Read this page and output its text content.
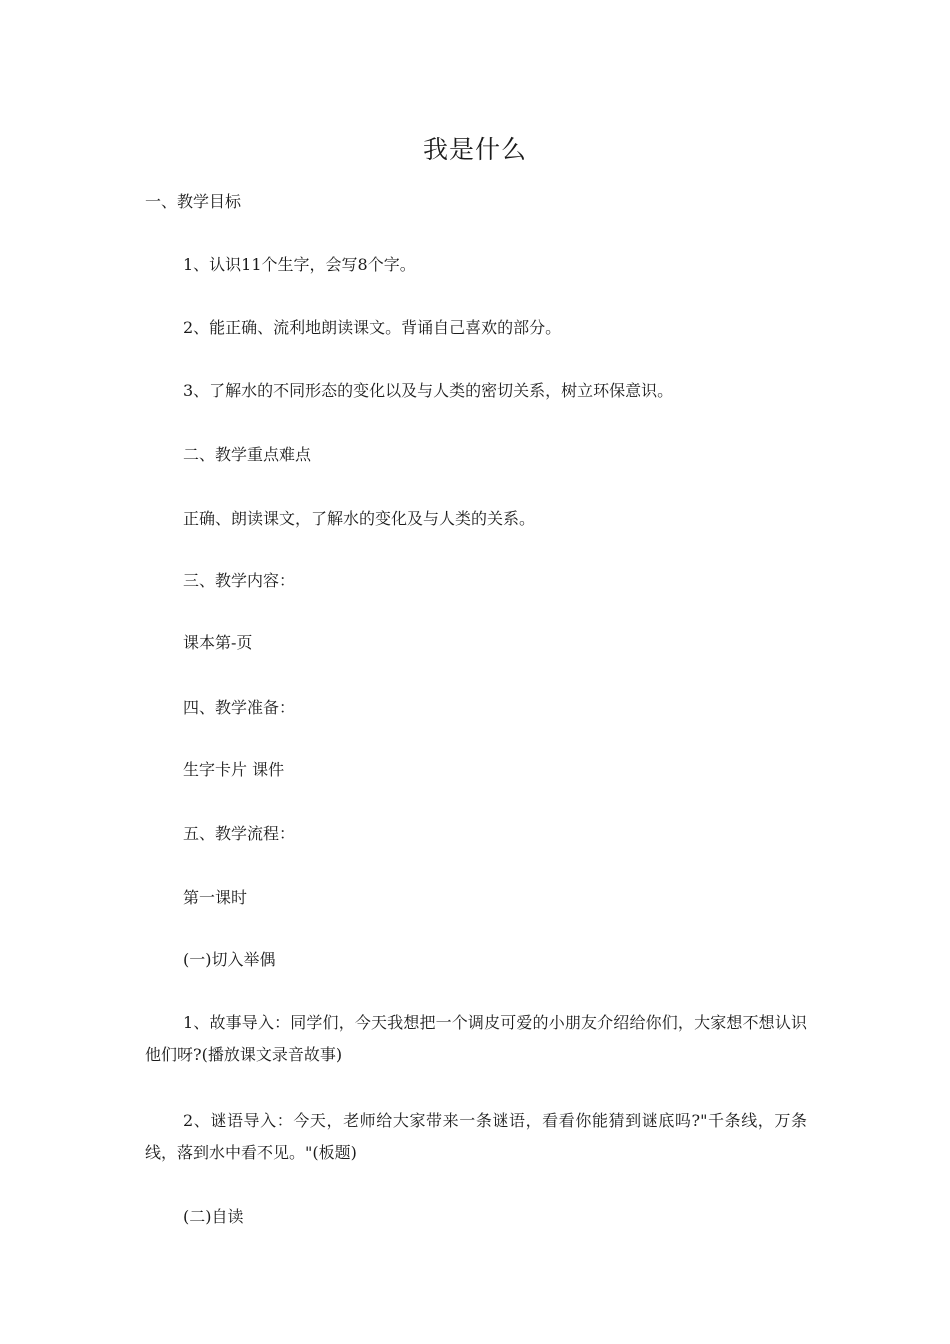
我是什么
一、教学目标
1、认识11个生字，会写8个字。
2、能正确、流利地朗读课文。背诵自己喜欢的部分。
3、了解水的不同形态的变化以及与人类的密切关系，树立环保意识。
二、教学重点难点
正确、朗读课文，了解水的变化及与人类的关系。
三、教学内容：
课本第-页
四、教学准备：
生字卡片 课件
五、教学流程：
第一课时
(一)切入举偶
1、故事导入：同学们，今天我想把一个调皮可爱的小朋友介绍给你们，大家想不想认识他们呀?(播放课文录音故事)
2、谜语导入：今天，老师给大家带来一条谜语，看看你能猜到谜底吗?"千条线，万条线，落到水中看不见。"(板题)
(二)自读
